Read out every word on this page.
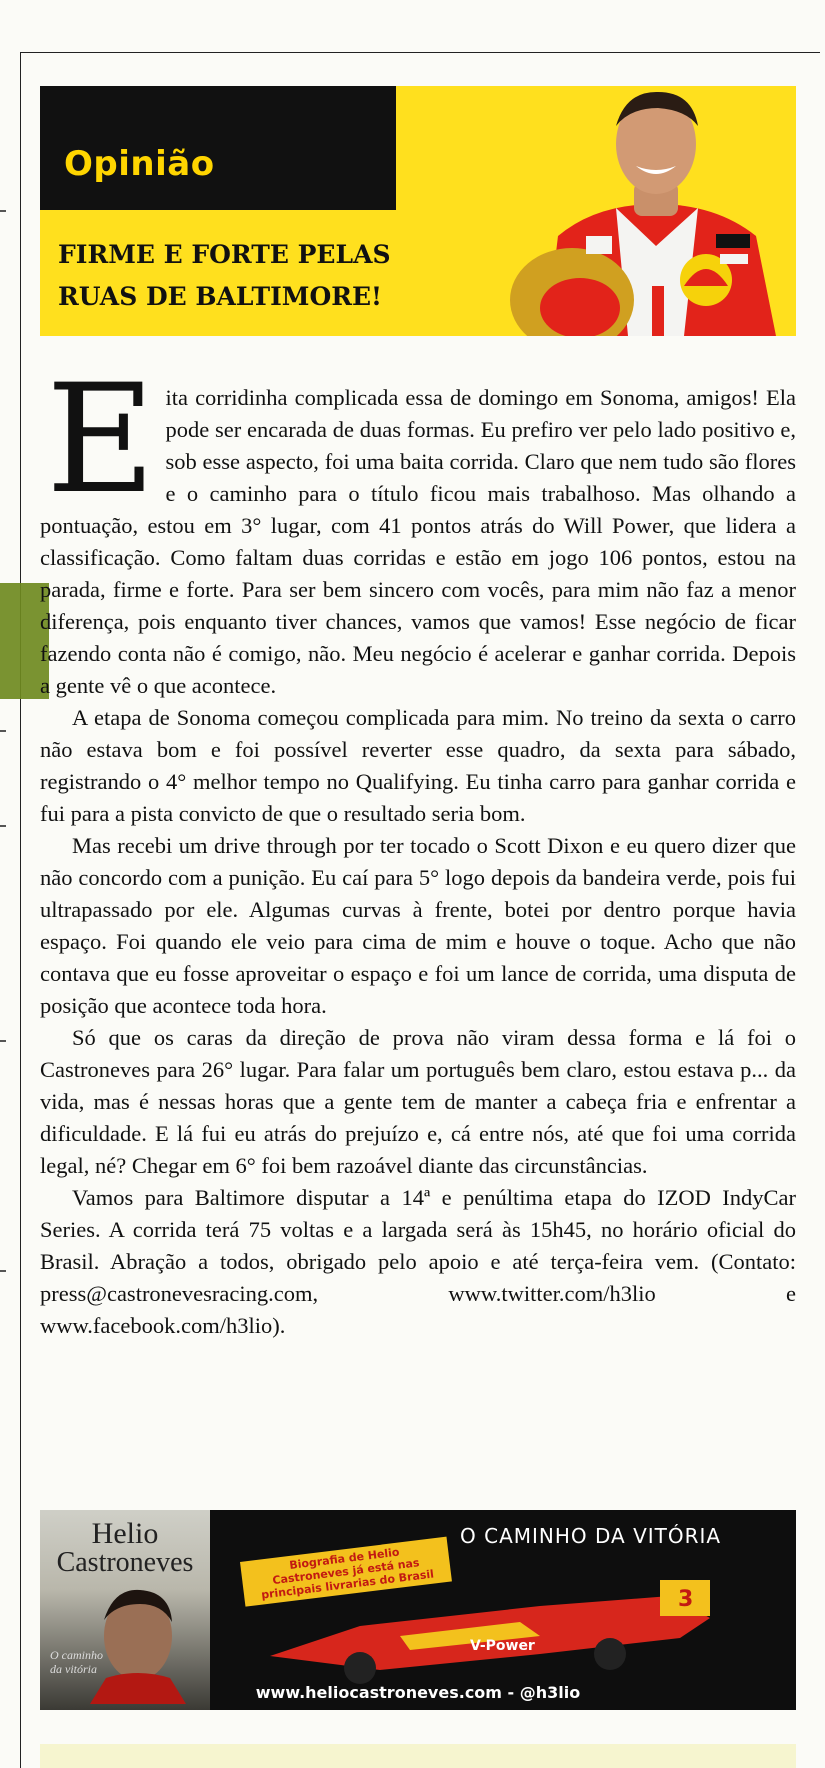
Opinião
FIRME E FORTE PELAS
RUAS DE BALTIMORE!

Eita corridinha complicada essa de domingo em Sonoma, amigos! Ela pode ser encarada de duas formas. Eu prefiro ver pelo lado positivo e, sob esse aspecto, foi uma baita corrida. Claro que nem tudo são flores e o caminho para o título ficou mais trabalhoso. Mas olhando a pontuação, estou em 3° lugar, com 41 pontos atrás do Will Power, que lidera a classificação. Como faltam duas corridas e estão em jogo 106 pontos, estou na parada, firme e forte. Para ser bem sincero com vocês, para mim não faz a menor diferença, pois enquanto tiver chances, vamos que vamos! Esse negócio de ficar fazendo conta não é comigo, não. Meu negócio é acelerar e ganhar corrida. Depois a gente vê o que acontece.

A etapa de Sonoma começou complicada para mim. No treino da sexta o carro não estava bom e foi possível reverter esse quadro, da sexta para sábado, registrando o 4° melhor tempo no Qualifying. Eu tinha carro para ganhar corrida e fui para a pista convicto de que o resultado seria bom.

Mas recebi um drive through por ter tocado o Scott Dixon e eu quero dizer que não concordo com a punição. Eu caí para 5° logo depois da bandeira verde, pois fui ultrapassado por ele. Algumas curvas à frente, botei por dentro porque havia espaço. Foi quando ele veio para cima de mim e houve o toque. Acho que não contava que eu fosse aproveitar o espaço e foi um lance de corrida, uma disputa de posição que acontece toda hora.

Só que os caras da direção de prova não viram dessa forma e lá foi o Castroneves para 26° lugar. Para falar um português bem claro, estou estava p... da vida, mas é nessas horas que a gente tem de manter a cabeça fria e enfrentar a dificuldade. E lá fui eu atrás do prejuízo e, cá entre nós, até que foi uma corrida legal, né? Chegar em 6° foi bem razoável diante das circunstâncias.

Vamos para Baltimore disputar a 14ª e penúltima etapa do IZOD IndyCar Series. A corrida terá 75 voltas e a largada será às 15h45, no horário oficial do Brasil. Abração a todos, obrigado pelo apoio e até terça-feira vem. (Contato: press@castronevesracing.com, www.twitter.com/h3lio e www.facebook.com/h3lio).

Helio
Castroneves
O caminho da vitória
O CAMINHO DA VITÓRIA
Biografia de Helio Castroneves já está nas principais livrarias do Brasil	3
V-Power
www.heliocastroneves.com - @h3lio
